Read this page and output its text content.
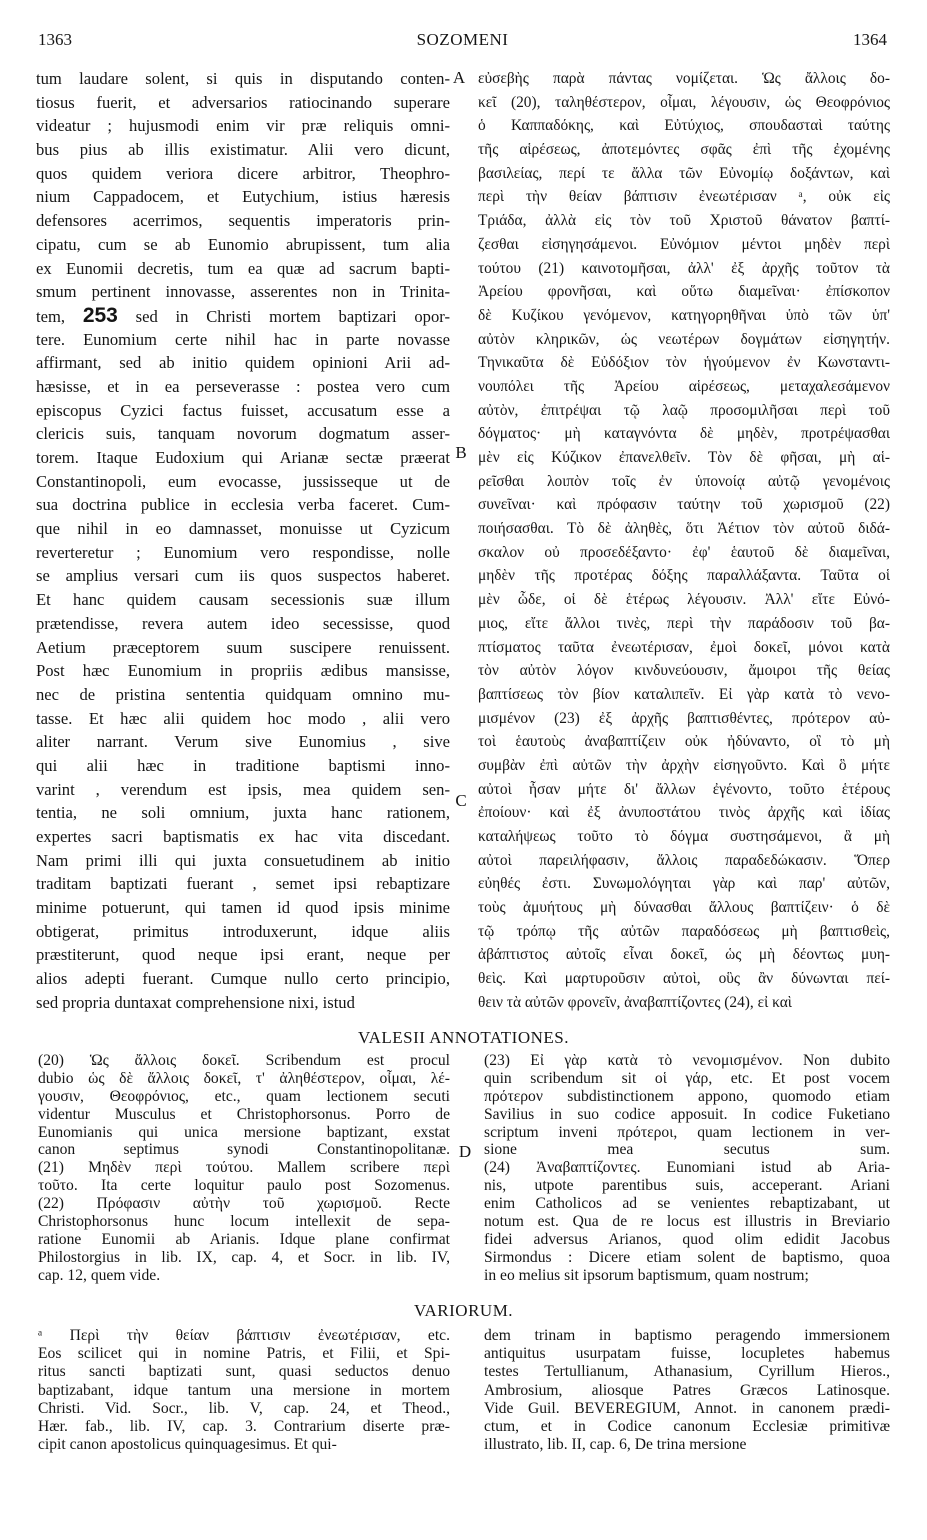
1363	SOZOMENI	1364
tum laudare solent, si quis in disputando conten-
tiosus fuerit, et adversarios ratiocinando superare
videatur ; hujusmodi enim vir præ reliquis omni-
bus pius ab illis existimatur. Alii vero dicunt,
quos quidem veriora dicere arbitror, Theophro-
nium Cappadocem, et Eutychium, istius hæresis
defensores acerrimos, sequentis imperatoris prin-
cipatu, cum se ab Eunomio abrupissent, tum alia
ex Eunomii decretis, tum ea quæ ad sacrum bapti-
smum pertinent innovasse, asserentes non in Trinita-
tem, 253 sed in Christi mortem baptizari opor-
tere. Eunomium certe nihil hac in parte novasse
affirmant, sed ab initio quidem opinioni Arii ad-
hæsisse, et in ea perseverasse : postea vero cum
episcopus Cyzici factus fuisset, accusatum esse a
clericis suis, tanquam novorum dogmatum asser-
torem. Itaque Eudoxium qui Arianæ sectæ præerat
Constantinopoli, eum evocasse, jussisseque ut de
sua doctrina publice in ecclesia verba faceret. Cum-
que nihil in eo damnasset, monuisse ut Cyzicum
reverteretur ; Eunomium vero respondisse, nolle
se amplius versari cum iis quos suspectos haberet.
Et hanc quidem causam secessionis suæ illum
prætendisse, revera autem ideo secessisse, quod
Aetium præceptorem suum suscipere renuissent.
Post hæc Eunomium in propriis ædibus mansisse,
nec de pristina sententia quidquam omnino mu-
tasse. Et hæc alii quidem hoc modo , alii vero
aliter narrant. Verum sive Eunomius , sive
qui alii hæc in traditione baptismi inno-
varint , verendum est ipsis, mea quidem sen-
tentia, ne soli omnium, juxta hanc rationem,
expertes sacri baptismatis ex hac vita discedant.
Nam primi illi qui juxta consuetudinem ab initio
traditam baptizati fuerant , semet ipsi rebaptizare
minime potuerunt, qui tamen id quod ipsis minime
obtigerat, primitus introduxerunt, idque aliis
præstiterunt, quod neque ipsi erant, neque per
alios adepti fuerant. Cumque nullo certo principio,
sed propria duntaxat comprehensione nixi, istud
εὐσεβὴς παρὰ πάντας νομίζεται. Ὡς ἄλλοις δο-
κεῖ (20), ταληθέστερον, οἶμαι, λέγουσιν, ὡς Θεοφρόνιος
ὁ Καππαδόκης, καὶ Εὐτύχιος, σπουδασταὶ ταύτης
τῆς αἱρέσεως, ἀποτεμόντες σφᾶς ἐπὶ τῆς ἐχομένης
βασιλείας, περί τε ἄλλα τῶν Εὐνομίῳ δοξάντων, καὶ
περὶ τὴν θείαν βάπτισιν ἐνεωτέρισαν ᵃ, οὐκ εἰς
Τριάδα, ἀλλὰ εἰς τὸν τοῦ Χριστοῦ θάνατον βαπτί-
ζεσθαι εἰσηγησάμενοι. Εὐνόμιον μέντοι μηδὲν περὶ
τούτου (21) καινοτομῆσαι, ἀλλ' ἐξ ἀρχῆς τοῦτον τὰ
Ἀρείου φρονῆσαι, καὶ οὕτω διαμεῖναι· ἐπίσκοπον
δὲ Κυζίκου γενόμενον, κατηγορηθῆναι ὑπὸ τῶν ὑπ'
αὐτὸν κληρικῶν, ὡς νεωτέρων δογμάτων εἰσηγητήν.
Τηνικαῦτα δὲ Εὐδόξιον τὸν ἡγούμενον ἐν Κωνσταντι-
νουπόλει τῆς Ἀρείου αἱρέσεως, μεταχαλεσάμενον
αὐτὸν, ἐπιτρέψαι τῷ λαῷ προσομιλῆσαι περὶ τοῦ
δόγματος· μὴ καταγνόντα δὲ μηδὲν, προτρέψασθαι
μὲν εἰς Κύζικον ἐπανελθεῖν. Τὸν δὲ φῆσαι, μὴ αἱ-
ρεῖσθαι λοιπὸν τοῖς ἐν ὑπονοίᾳ αὐτῷ γενομένοις
συνεῖναι· καὶ πρόφασιν ταύτην τοῦ χωρισμοῦ (22)
ποιήσασθαι. Τὸ δὲ ἀληθὲς, ὅτι Ἀέτιον τὸν αὐτοῦ διδά-
σκαλον οὐ προσεδέξαντο· ἐφ' ἑαυτοῦ δὲ διαμεῖναι,
μηδὲν τῆς προτέρας δόξης παραλλάξαντα. Ταῦτα οἱ
μὲν ὧδε, οἱ δὲ ἑτέρως λέγουσιν. Ἀλλ' εἴτε Εὐνό-
μιος, εἴτε ἄλλοι τινὲς, περὶ τὴν παράδοσιν τοῦ βα-
πτίσματος ταῦτα ἐνεωτέρισαν, ἐμοὶ δοκεῖ, μόνοι κατὰ
τὸν αὐτὸν λόγον κινδυνεύουσιν, ἄμοιροι τῆς θείας
βαπτίσεως τὸν βίον καταλιπεῖν. Εἰ γὰρ κατὰ τὸ νενο-
μισμένον (23) ἐξ ἀρχῆς βαπτισθέντες, πρότερον αὐ-
τοὶ ἑαυτοὺς ἀναβαπτίζειν οὐκ ἠδύναντο, οἳ τὸ μὴ
συμβὰν ἐπὶ αὐτῶν τὴν ἀρχὴν εἰσηγοῦντο. Καὶ ὃ μήτε
αὐτοὶ ἦσαν μήτε δι' ἄλλων ἐγένοντο, τοῦτο ἑτέρους
ἐποίουν· καὶ ἐξ ἀνυποστάτου τινὸς ἀρχῆς καὶ ἰδίας
καταλήψεως τοῦτο τὸ δόγμα συστησάμενοι, ἃ μὴ
αὐτοὶ παρειλήφασιν, ἄλλοις παραδεδώκασιν. Ὅπερ
εὐηθές ἐστι. Συνωμολόγηται γὰρ καὶ παρ' αὐτῶν,
τοὺς ἀμυήτους μὴ δύνασθαι ἄλλους βαπτίζειν· ὁ δὲ
τῷ τρόπῳ τῆς αὐτῶν παραδόσεως μὴ βαπτισθεὶς,
ἀβάπτιστος αὐτοῖς εἶναι δοκεῖ, ὡς μὴ δέοντως μυη-
θεὶς. Καὶ μαρτυροῦσιν αὐτοὶ, οὓς ἂν δύνωνται πεί-
θειν τὰ αὐτῶν φρονεῖν, ἀναβαπτίζοντες (24), εἰ καὶ
A
B
C
D
VALESII ANNOTATIONES.
(20) Ὡς ἄλλοις δοκεῖ. Scribendum est procul
dubio ὡς δὲ ἄλλοις δοκεῖ, τ' ἀληθέστερον, οἶμαι, λέ-
γουσιν, Θεοφρόνιος, etc., quam lectionem secuti
videntur Musculus et Christophorsonus. Porro de
Eunomianis qui unica mersione baptizant, exstat
canon septimus synodi Constantinopolitanæ.
(21) Μηδὲν περὶ τούτου. Mallem scribere περὶ
τοῦτο. Ita certe loquitur paulo post Sozomenus.
(22) Πρόφασιν αὐτὴν τοῦ χωρισμοῦ. Recte
Christophorsonus hunc locum intellexit de sepa-
ratione Eunomii ab Arianis. Idque plane confirmat
Philostorgius in lib. IX, cap. 4, et Socr. in lib. IV,
cap. 12, quem vide.
(23) Εἰ γὰρ κατὰ τὸ νενομισμένον. Non dubito
quin scribendum sit οἱ γάρ, etc. Et post vocem
πρότερον subdistinctionem appono, quomodo etiam
Savilius in suo codice apposuit. In codice Fuketiano
scriptum inveni πρότεροι, quam lectionem in ver-
sione mea secutus sum.
(24) Ἀναβαπτίζοντες. Eunomiani istud ab Aria-
nis, utpote parentibus suis, acceperant. Ariani
enim Catholicos ad se venientes rebaptizabant, ut
notum est. Qua de re locus est illustris in Breviario
fidei adversus Arianos, quod olim edidit Jacobus
Sirmondus : Dicere etiam solent de baptismo, quoa
in eo melius sit ipsorum baptismum, quam nostrum;
VARIORUM.
ᵃ Περὶ τὴν θείαν βάπτισιν ἐνεωτέρισαν, etc.
Eos scilicet qui in nomine Patris, et Filii, et Spi-
ritus sancti baptizati sunt, quasi seductos denuo
baptizabant, idque tantum una mersione in mortem
Christi. Vid. Socr., lib. V, cap. 24, et Theod.,
Hær. fab., lib. IV, cap. 3. Contrarium diserte præ-
cipit canon apostolicus quinquagesimus. Et qui-
dem trinam in baptismo peragendo immersionem
antiquitus usurpatam fuisse, locupletes habemus
testes Tertullianum, Athanasium, Cyrillum Hieros.,
Ambrosium, aliosque Patres Græcos Latinosque.
Vide Guil. BEVEREGIUM, Annot. in canonem prædi-
ctum, et in Codice canonum Ecclesiæ primitivæ
illustrato, lib. II, cap. 6, De trina mersione
